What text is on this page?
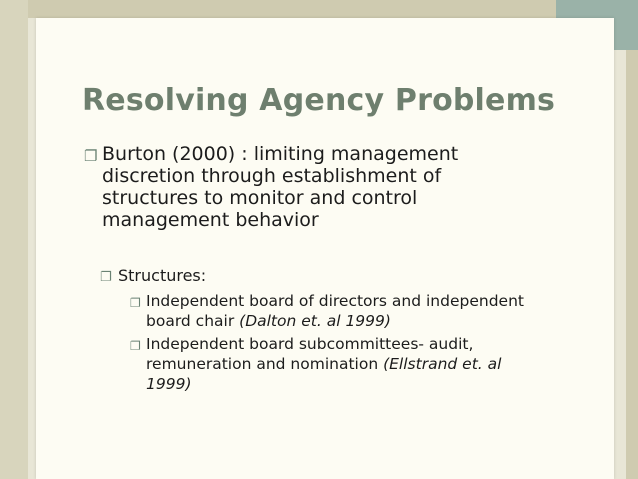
Resolving Agency Problems
❐ Burton (2000) : limiting management discretion through establishment of structures to monitor and control management behavior
❐ Structures:
❐ Independent board of directors and independent board chair (Dalton et. al 1999)
❐ Independent board subcommittees- audit, remuneration and nomination (Ellstrand et. al 1999)
